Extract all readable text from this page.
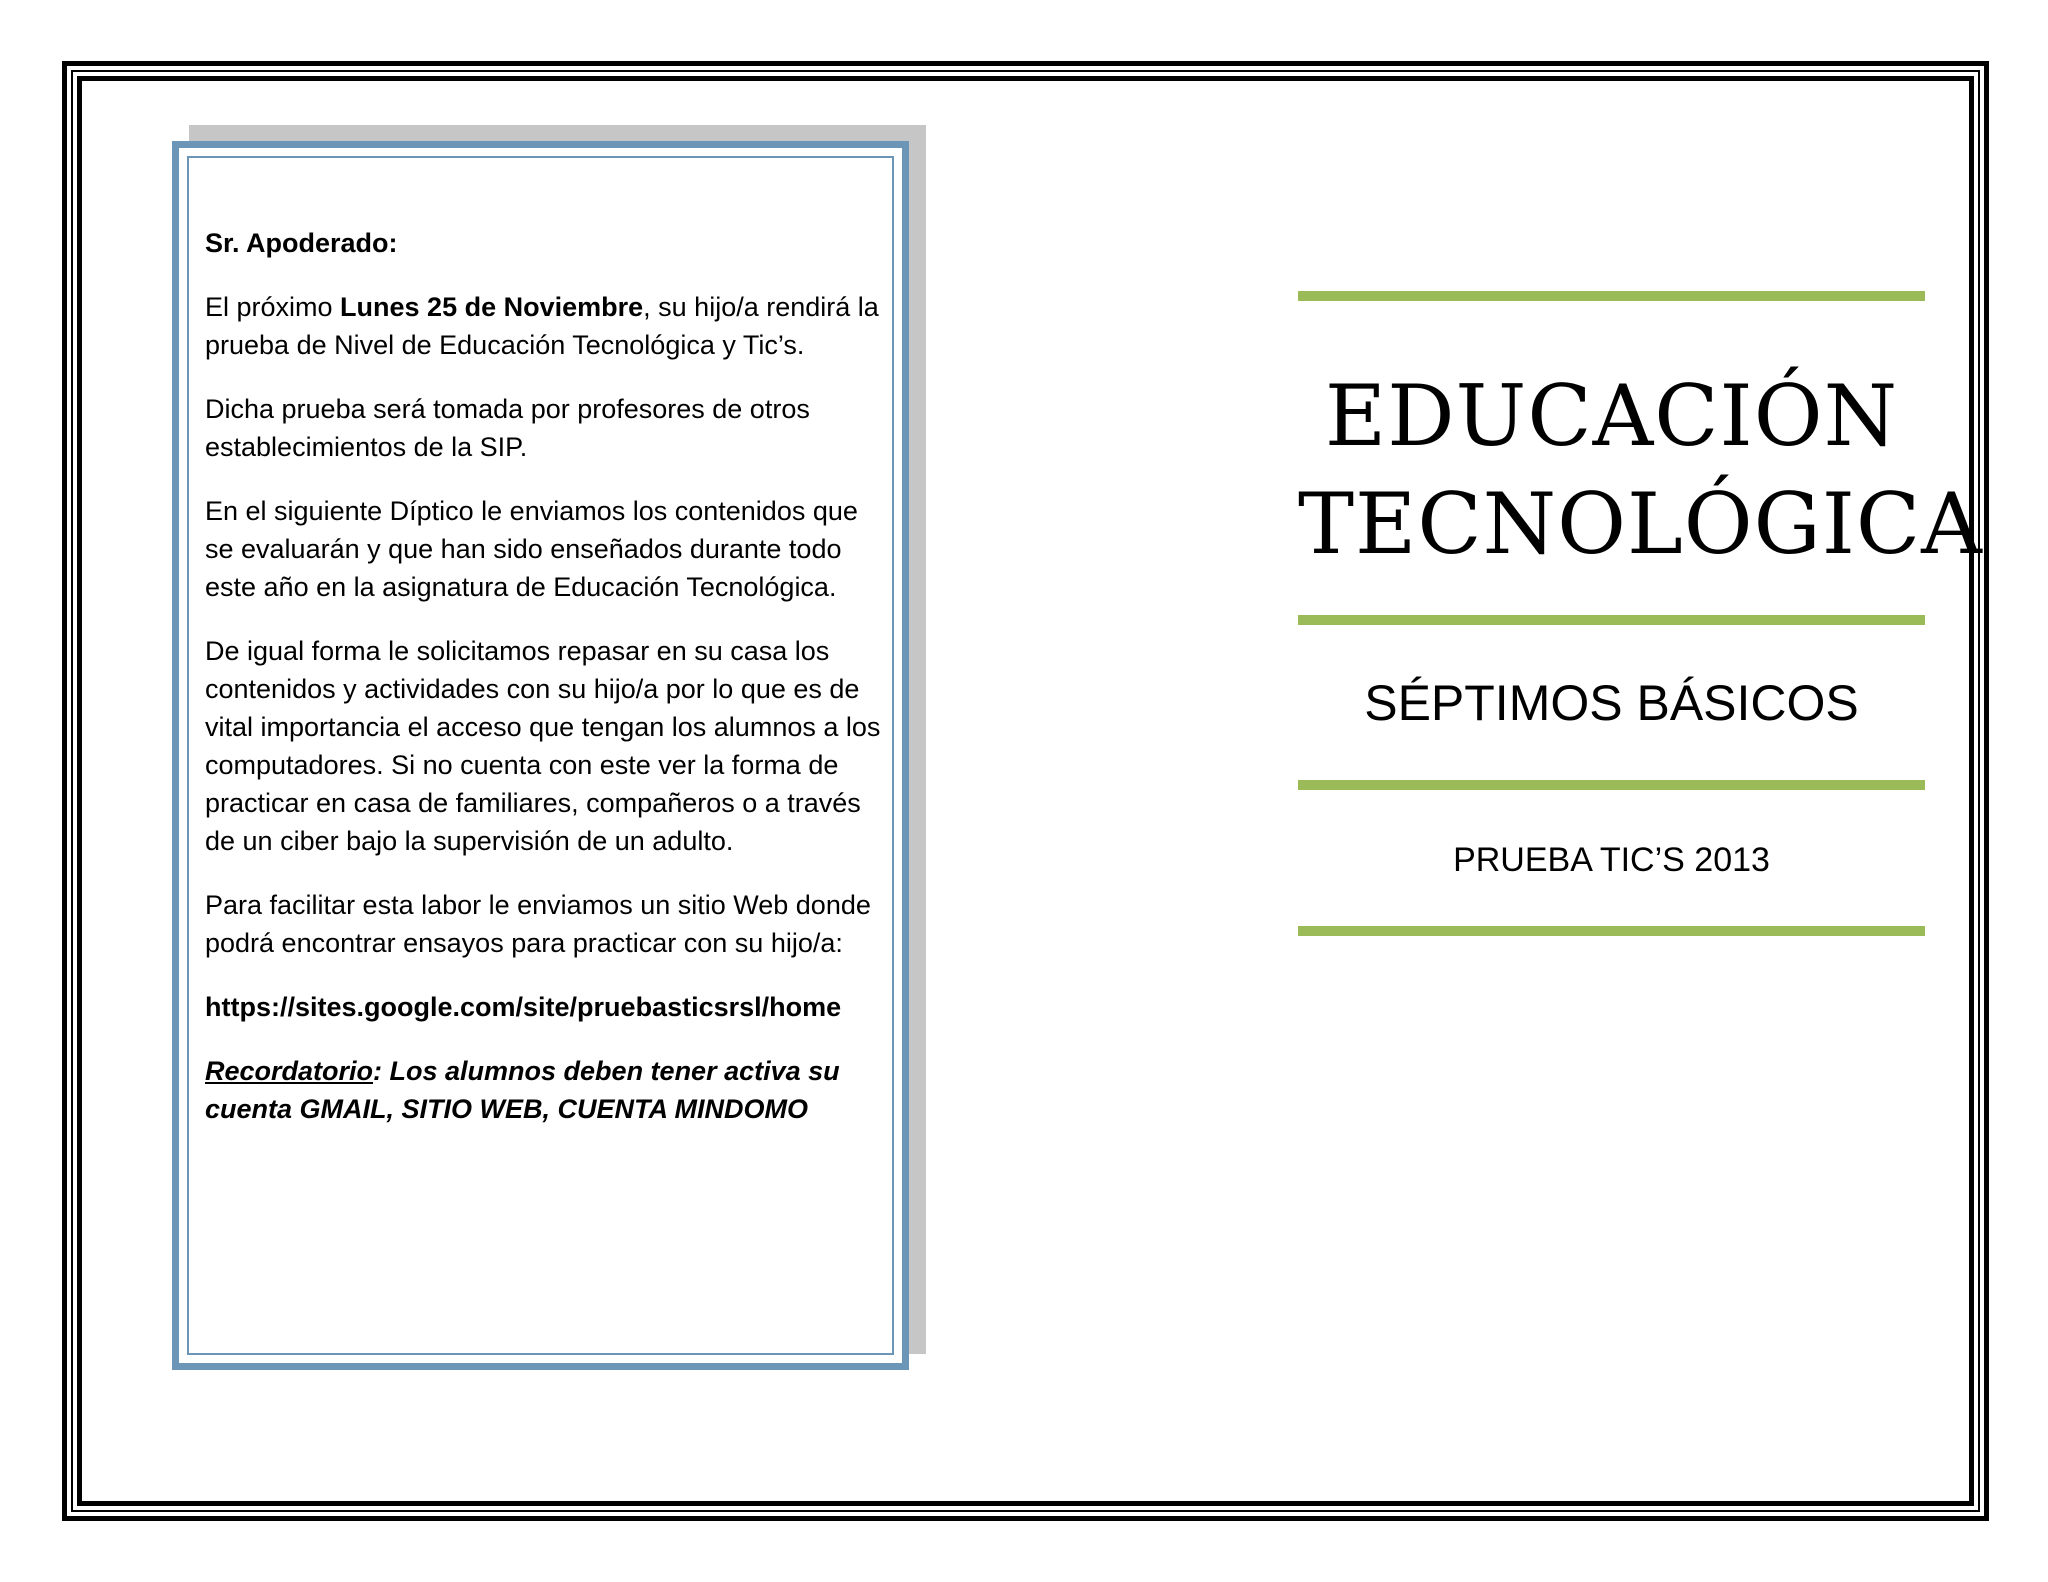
Sr. Apoderado:

El próximo Lunes 25 de Noviembre, su hijo/a rendirá la prueba de Nivel de Educación Tecnológica y Tic’s.

Dicha prueba será tomada por profesores de otros establecimientos de la SIP.

En el siguiente Díptico le enviamos los contenidos que se evaluarán y que han sido enseñados durante todo este año en la asignatura de Educación Tecnológica.

De igual forma le solicitamos repasar en su casa los contenidos y actividades con su hijo/a por lo que es de vital importancia el acceso que tengan los alumnos a los computadores. Si no cuenta con este ver la forma de practicar en casa de familiares, compañeros o a través de un ciber bajo la supervisión de un adulto.

Para facilitar esta labor le enviamos un sitio Web donde podrá encontrar ensayos para practicar con su hijo/a:

https://sites.google.com/site/pruebasticsrsl/home

Recordatorio: Los alumnos deben tener activa su cuenta GMAIL, SITIO WEB, CUENTA MINDOMO

EDUCACIÓN
TECNOLÓGICA
SÉPTIMOS BÁSICOS
PRUEBA TIC’S 2013
